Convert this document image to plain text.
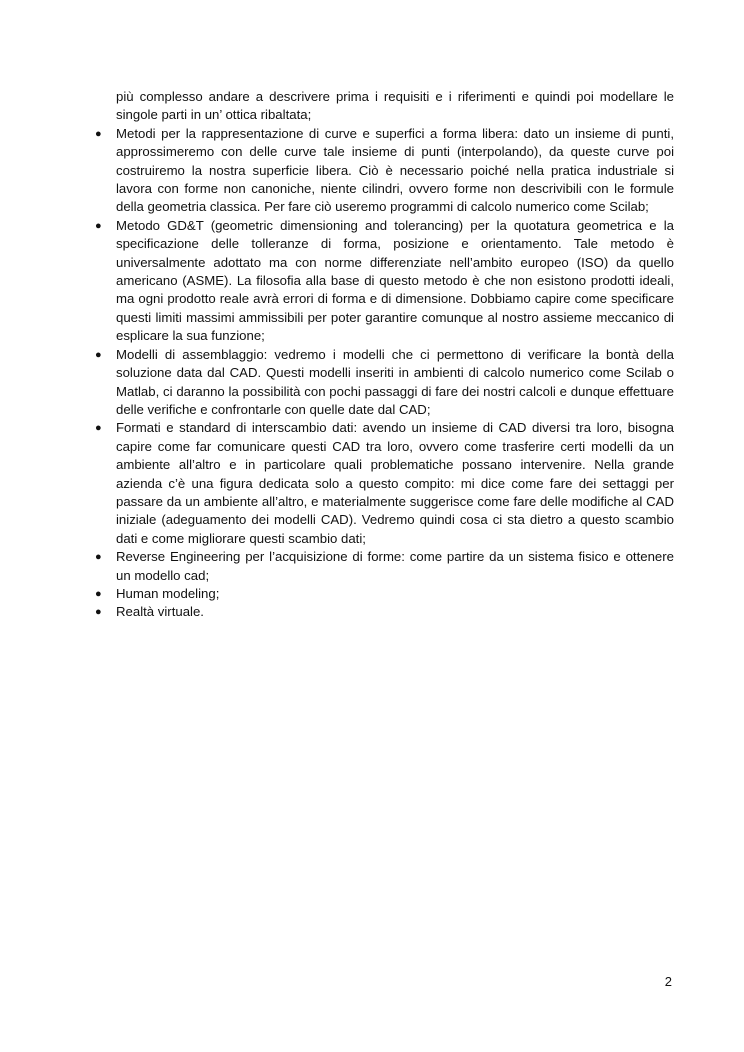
più complesso andare a descrivere prima i requisiti e i riferimenti e quindi poi modellare le singole parti in un’ ottica ribaltata;
● Metodi per la rappresentazione di curve e superfici a forma libera: dato un insieme di punti, approssimeremo con delle curve tale insieme di punti (interpolando), da queste curve poi costruiremo la nostra superficie libera. Ciò è necessario poiché nella pratica industriale si lavora con forme non canoniche, niente cilindri, ovvero forme non descrivibili con le formule della geometria classica. Per fare ciò useremo programmi di calcolo numerico come Scilab;
● Metodo GD&T (geometric dimensioning and tolerancing) per la quotatura geometrica e la specificazione delle tolleranze di forma, posizione e orientamento. Tale metodo è universalmente adottato ma con norme differenziate nell’ambito europeo (ISO) da quello americano (ASME). La filosofia alla base di questo metodo è che non esistono prodotti ideali, ma ogni prodotto reale avrà errori di forma e di dimensione. Dobbiamo capire come specificare questi limiti massimi ammissibili per poter garantire comunque al nostro assieme meccanico di esplicare la sua funzione;
● Modelli di assemblaggio: vedremo i modelli che ci permettono di verificare la bontà della soluzione data dal CAD. Questi modelli inseriti in ambienti di calcolo numerico come Scilab o Matlab, ci daranno la possibilità con pochi passaggi di fare dei nostri calcoli e dunque effettuare delle verifiche e confrontarle con quelle date dal CAD;
● Formati e standard di interscambio dati: avendo un insieme di CAD diversi tra loro, bisogna capire come far comunicare questi CAD tra loro, ovvero come trasferire certi modelli da un ambiente all’altro e in particolare quali problematiche possano intervenire. Nella grande azienda c’è una figura dedicata solo a questo compito: mi dice come fare dei settaggi per passare da un ambiente all’altro, e materialmente suggerisce come fare delle modifiche al CAD iniziale (adeguamento dei modelli CAD). Vedremo quindi cosa ci sta dietro a questo scambio dati e come migliorare questi scambio dati;
● Reverse Engineering per l’acquisizione di forme: come partire da un sistema fisico e ottenere un modello cad;
● Human modeling;
● Realtà virtuale.
2
